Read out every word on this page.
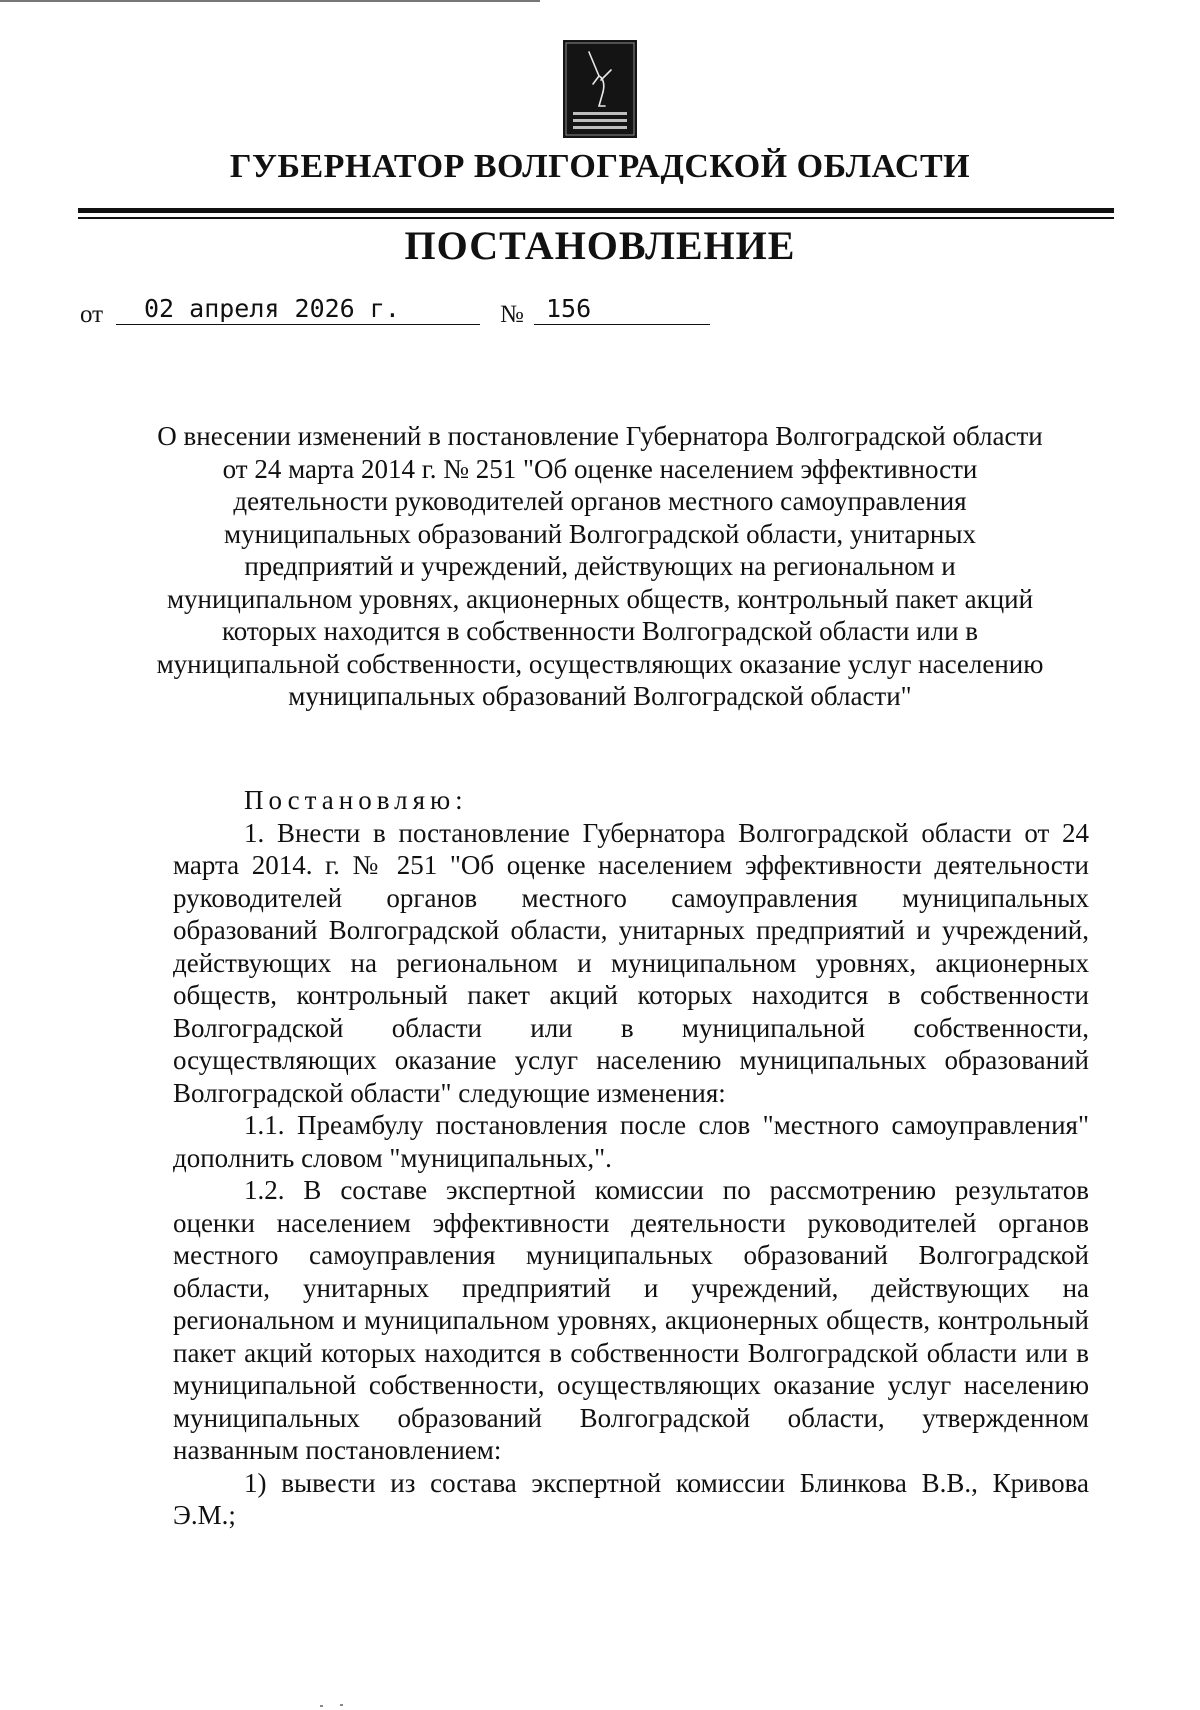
ГУБЕРНАТОР ВОЛГОГРАДСКОЙ ОБЛАСТИ
ПОСТАНОВЛЕНИЕ
от	02 апреля 2026 г.	№ 156
О внесении изменений в постановление Губернатора Волгоградской области от 24 марта 2014 г. № 251 "Об оценке населением эффективности деятельности руководителей органов местного самоуправления муниципальных образований Волгоградской области, унитарных предприятий и учреждений, действующих на региональном и муниципальном уровнях, акционерных обществ, контрольный пакет акций которых находится в собственности Волгоградской области или в муниципальной собственности, осуществляющих оказание услуг населению муниципальных образований Волгоградской области"

Постановляю:

1. Внести в постановление Губернатора Волгоградской области от 24 марта 2014. г. № 251 "Об оценке населением эффективности деятельности руководителей органов местного самоуправления муниципальных образований Волгоградской области, унитарных предприятий и учреждений, действующих на региональном и муниципальном уровнях, акционерных обществ, контрольный пакет акций которых находится в собственности Волгоградской области или в муниципальной собственности, осуществляющих оказание услуг населению муниципальных образований Волгоградской области" следующие изменения:

1.1. Преамбулу постановления после слов "местного самоуправления" дополнить словом "муниципальных,".

1.2. В составе экспертной комиссии по рассмотрению результатов оценки населением эффективности деятельности руководителей органов местного самоуправления муниципальных образований Волгоградской области, унитарных предприятий и учреждений, действующих на региональном и муниципальном уровнях, акционерных обществ, контрольный пакет акций которых находится в собственности Волгоградской области или в муниципальной собственности, осуществляющих оказание услуг населению муниципальных образований Волгоградской области, утвержденном названным постановлением:

1) вывести из состава экспертной комиссии Блинкова В.В., Кривова Э.М.;
